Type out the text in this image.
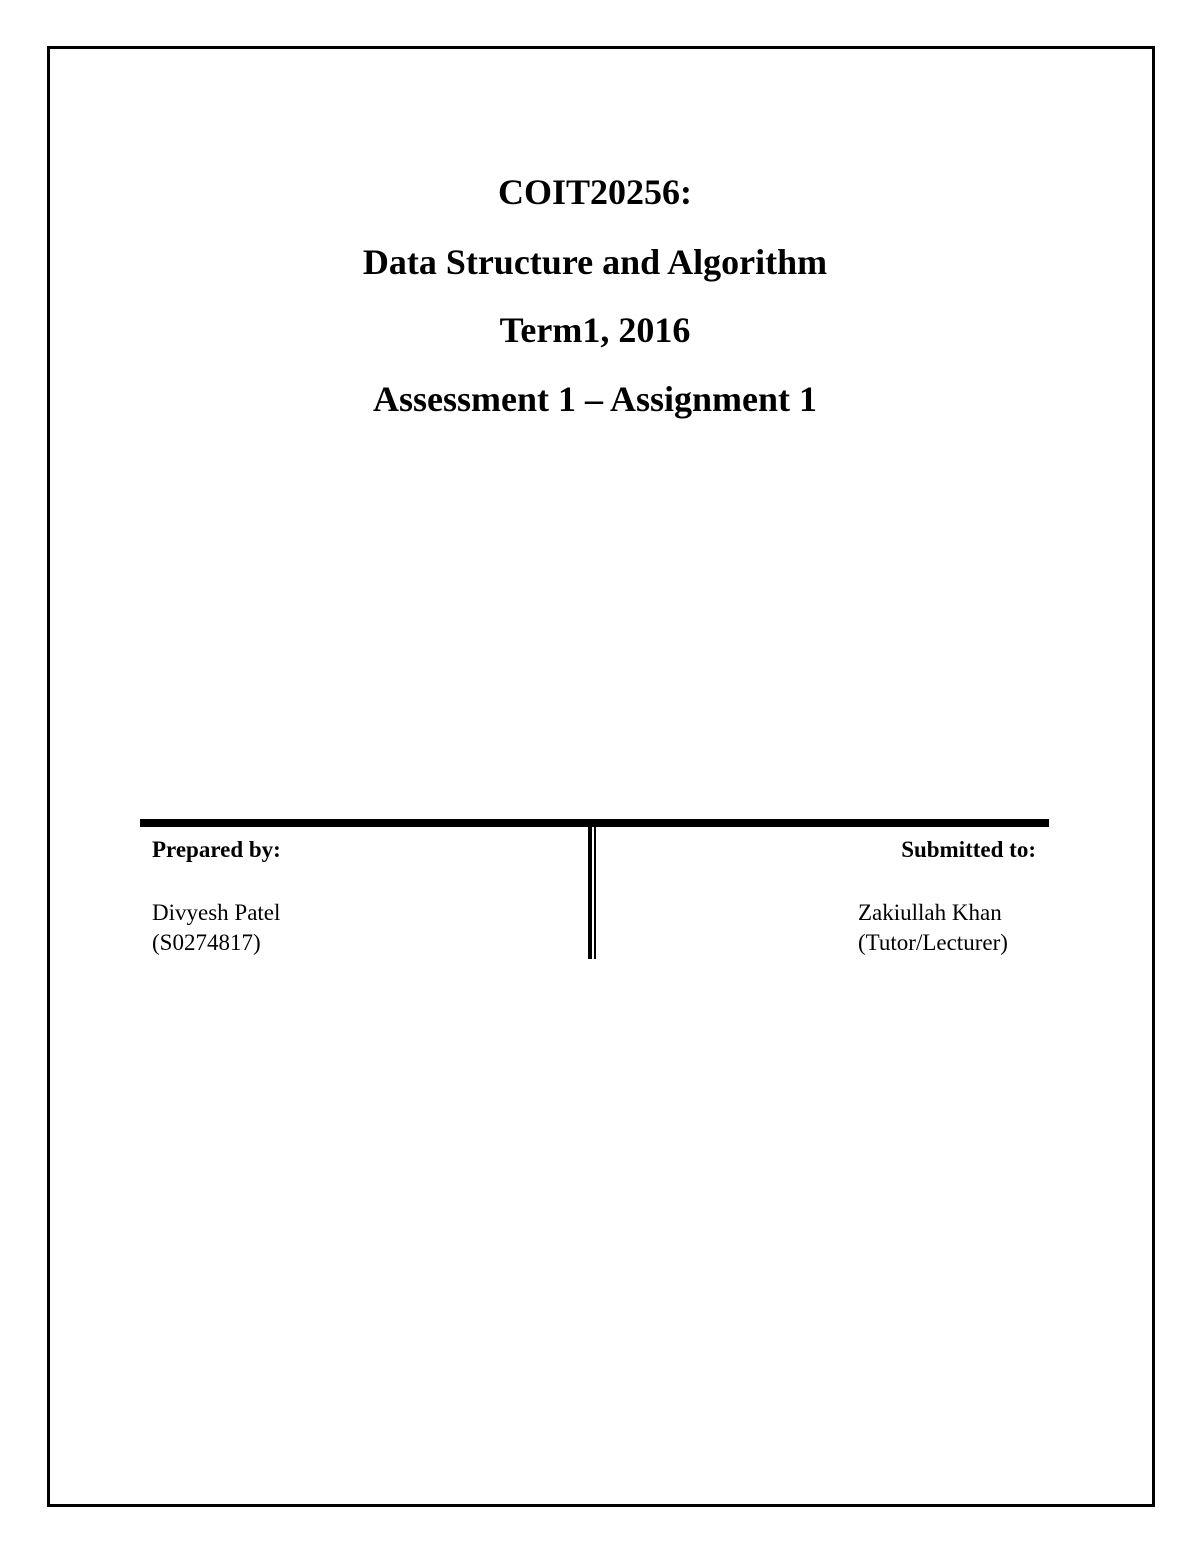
COIT20256:
Data Structure and Algorithm
Term1, 2016
Assessment 1 – Assignment 1
Prepared by:
Divyesh Patel
(S0274817)
Submitted to:
Zakiullah Khan
(Tutor/Lecturer)
